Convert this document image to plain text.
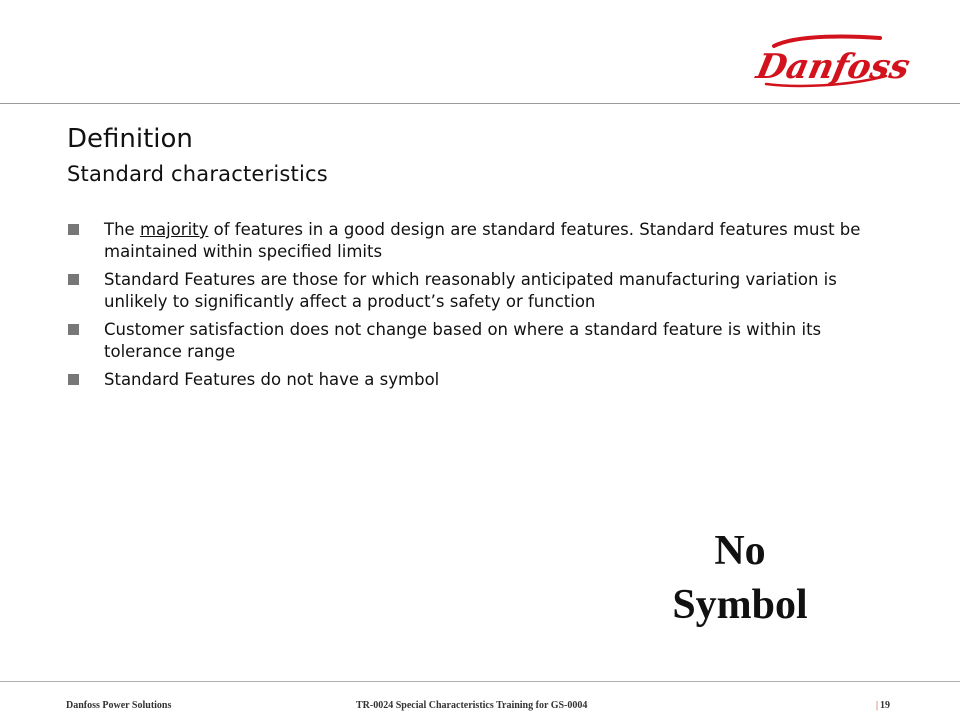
Danfoss
Definition
Standard characteristics
The majority of features in a good design are standard features. Standard features must be maintained within specified limits
Standard Features are those for which reasonably anticipated manufacturing variation is unlikely to significantly affect a product’s safety or function
Customer satisfaction does not change based on where a standard feature is within its tolerance range
Standard Features do not have a symbol
No
Symbol
Danfoss Power Solutions	TR-0024 Special Characteristics Training for GS-0004	| 19
